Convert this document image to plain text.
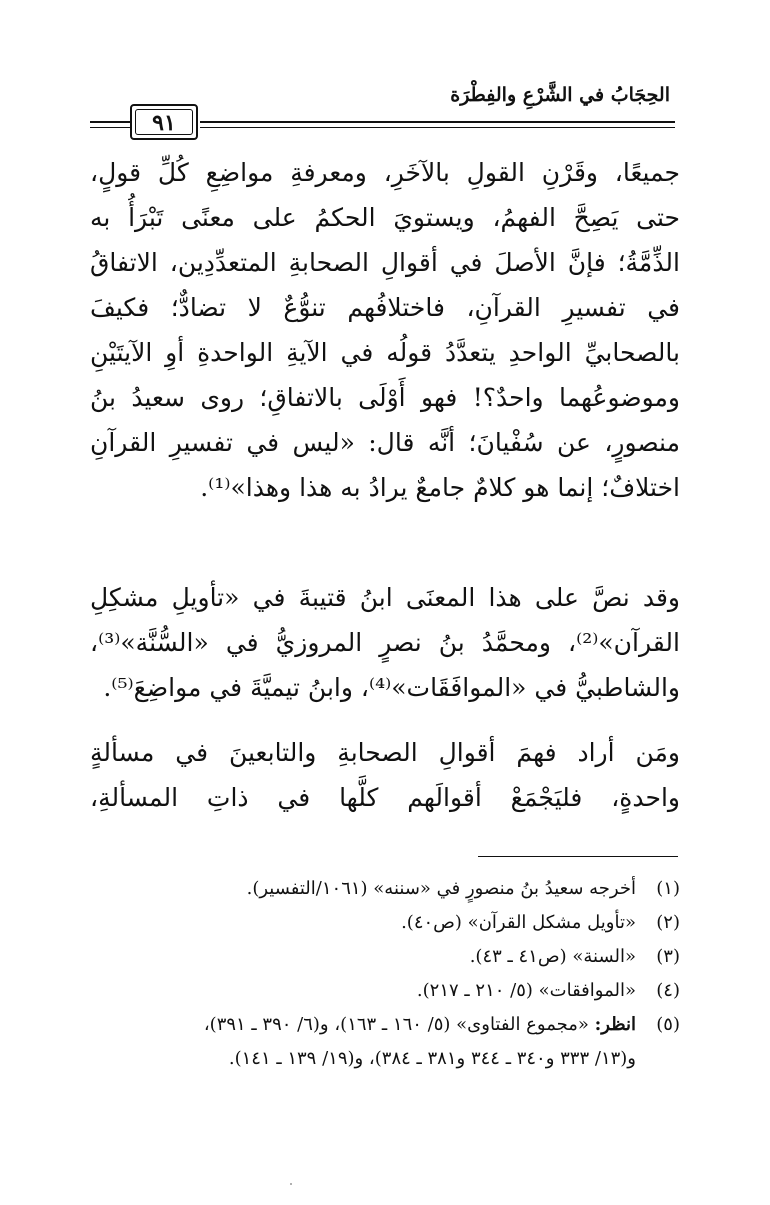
الحِجَابُ في الشَّرْعِ والفِطْرَة
٩١
جميعًا، وقَرْنِ القولِ بالآخَرِ، ومعرفةِ مواضِعِ كُلِّ قولٍ،
حتى يَصِحَّ الفهمُ، ويستويَ الحكمُ على معنًى تَبْرَأُ به
الذِّمَّةُ؛ فإنَّ الأصلَ في أقوالِ الصحابةِ المتعدِّدِين، الاتفاقُ
في تفسيرِ القرآنِ، فاختلافُهم تنوُّعٌ لا تضادٌّ؛ فكيفَ
بالصحابيِّ الواحدِ يتعدَّدُ قولُه في الآيةِ الواحدةِ أوِ الآيتَيْنِ
وموضوعُهما واحدٌ؟! فهو أَوْلَى بالاتفاقِ؛ روى سعيدُ بنُ
منصورٍ، عن سُفْيانَ؛ أنَّه قال: «ليس في تفسيرِ القرآنِ
اختلافٌ؛ إنما هو كلامٌ جامعٌ يرادُ به هذا وهذا»⁽¹⁾.
وقد نصَّ على هذا المعنَى ابنُ قتيبةَ في «تأويلِ مشكِلِ
القرآن»⁽²⁾، ومحمَّدُ بنُ نصرٍ المروزيُّ في «السُّنَّة»⁽³⁾،
والشاطبيُّ في «الموافَقَات»⁽⁴⁾، وابنُ تيميَّةَ في مواضِعَ⁽⁵⁾.
ومَن أراد فهمَ أقوالِ الصحابةِ والتابعينَ في مسألةٍ
واحدةٍ، فليَجْمَعْ أقوالَهم كلَّها في ذاتِ المسألةِ،
(١)أخرجه سعيدُ بنُ منصورٍ في «سننه» (١٠٦١/التفسير).
(٢)«تأويل مشكل القرآن» (ص٤٠).
(٣)«السنة» (ص٤١ ـ ٤٣).
(٤)«الموافقات» (٥/ ٢١٠ ـ ٢١٧).
(٥)انظر: «مجموع الفتاوى» (٥/ ١٦٠ ـ ١٦٣)، و(٦/ ٣٩٠ ـ ٣٩١)،
و(١٣/ ٣٣٣ و٣٤٠ ـ ٣٤٤ و٣٨١ ـ ٣٨٤)، و(١٩/ ١٣٩ ـ ١٤١).
